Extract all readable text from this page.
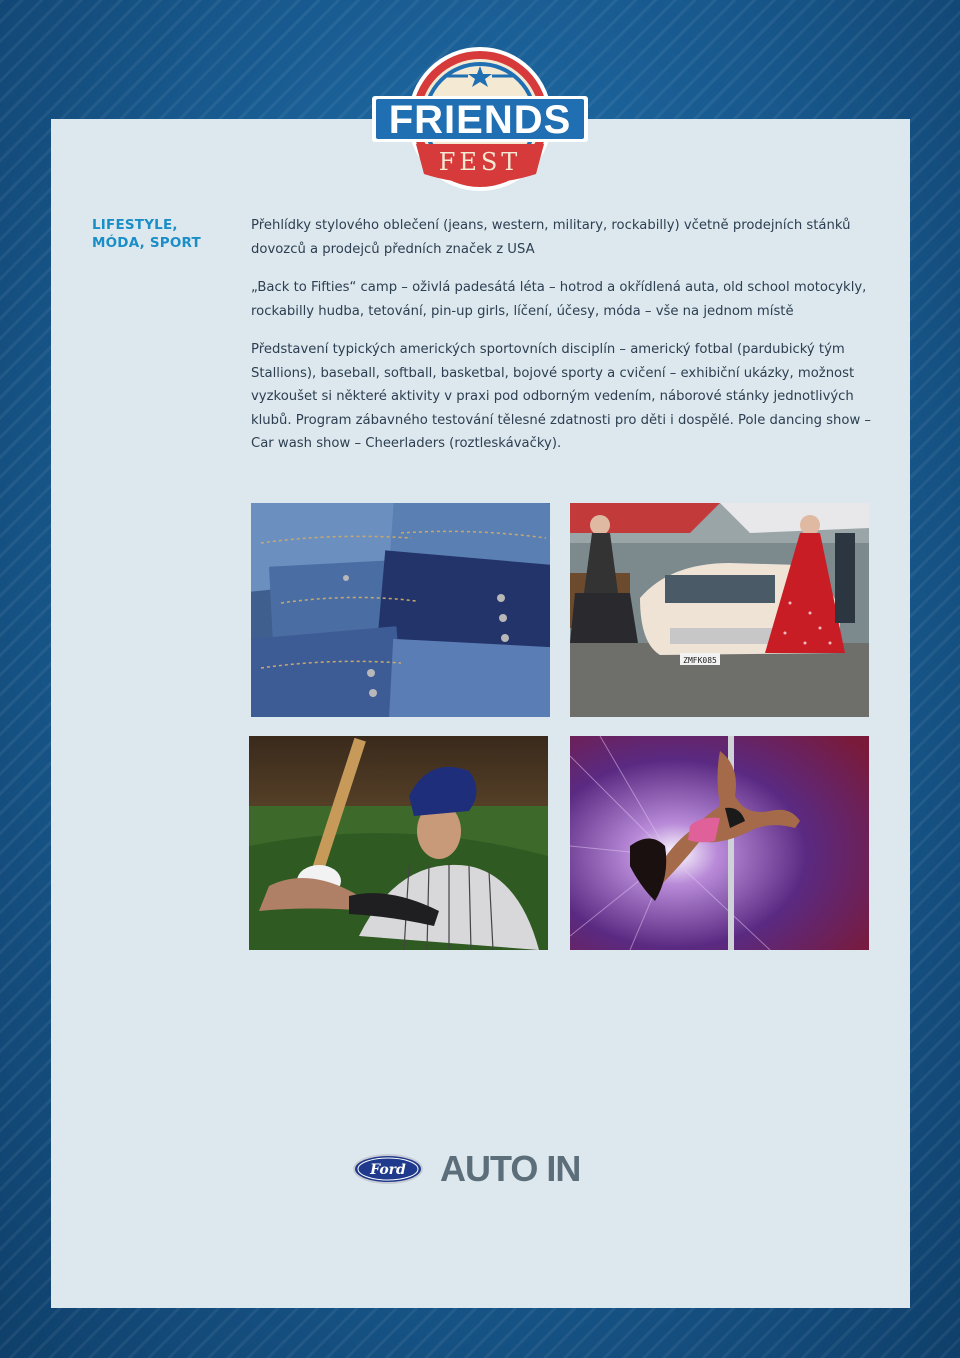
FRIENDS
FEST
LIFESTYLE,
MÓDA, SPORT

Přehlídky stylového oblečení (jeans, western, military, rockabilly) včetně prodejních stánků dovozců a prodejců předních značek z USA

„Back to Fifties“ camp – oživlá padesátá léta – hotrod a okřídlená auta, old school motocykly, rockabilly hudba, tetování, pin-up girls, líčení, účesy, móda – vše na jednom místě

Představení typických amerických sportovních disciplín – americký fotbal (pardubický tým Stallions), baseball, softball, basketbal, bojové sporty a cvičení – exhibiční ukázky, možnost vyzkoušet si některé aktivity v praxi pod odborným vedením, náborové stánky jednotlivých klubů. Program zábavného testování tělesné zdatnosti pro děti i dospělé. Pole dancing show – Car wash show – Cheerladers (roztleskávačky).

ZMFK085
Ford AUTO IN
